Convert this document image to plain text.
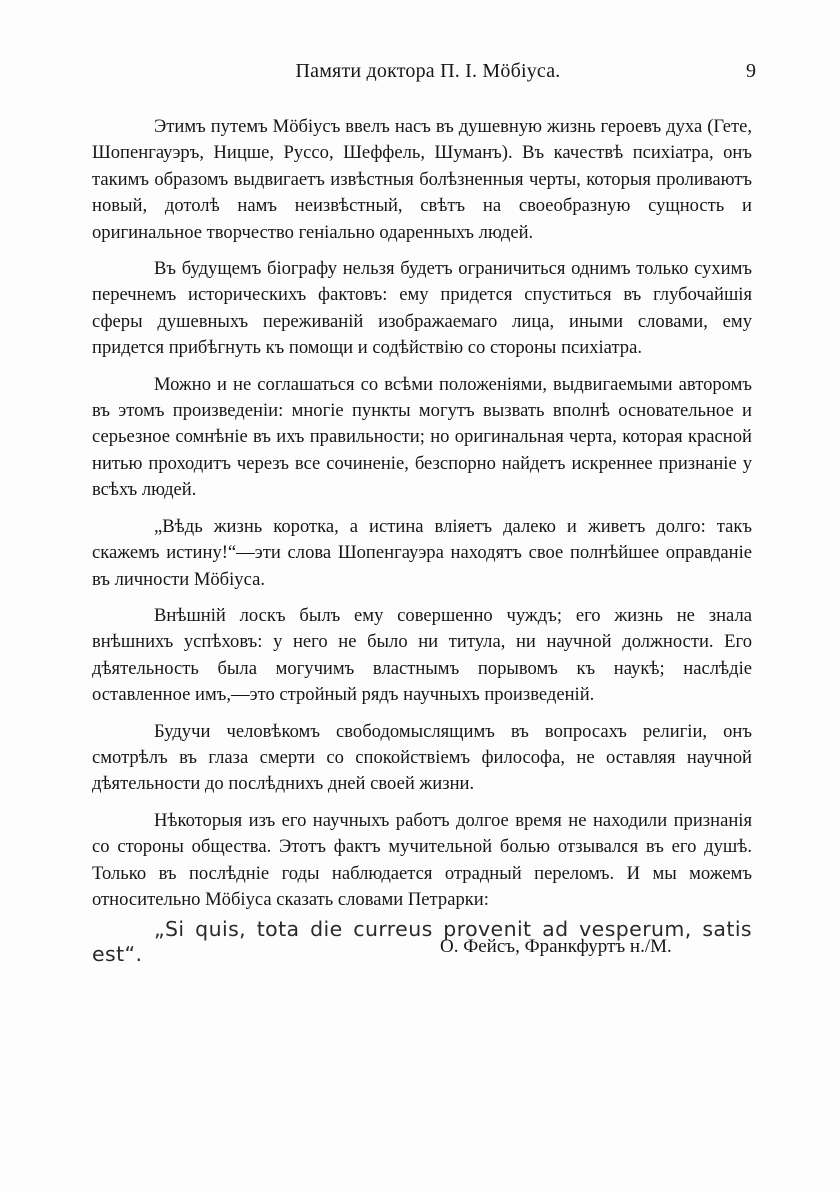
Памяти доктора П. I. Мӧбіуса.	9

Этимъ путемъ Мӧбіусъ ввелъ насъ въ душевную жизнь героевъ духа (Гете, Шопенгауэръ, Ницше, Руссо, Шеффель, Шуманъ). Въ качествѣ психіатра, онъ такимъ образомъ выдвигаетъ извѣстныя болѣзненныя черты, которыя проливаютъ новый, дотолѣ намъ неизвѣстный, свѣтъ на своеобразную сущность и оригинальное творчество геніально одаренныхъ людей.

Въ будущемъ біографу нельзя будетъ ограничиться однимъ только сухимъ перечнемъ историческихъ фактовъ: ему придется спуститься въ глубочайшія сферы душевныхъ переживаній изображаемаго лица, иными словами, ему придется прибѣгнуть къ помощи и содѣйствію со стороны психіатра.

Можно и не соглашаться со всѣми положеніями, выдвигаемыми авторомъ въ этомъ произведеніи: многіе пункты могутъ вызвать вполнѣ основательное и серьезное сомнѣніе въ ихъ правильности; но оригинальная черта, которая красной нитью проходитъ черезъ все сочиненіе, безспорно найдетъ искреннее признаніе у всѣхъ людей.

„Вѣдь жизнь коротка, а истина вліяетъ далеко и живетъ долго: такъ скажемъ истину!“—эти слова Шопенгауэра находятъ свое полнѣйшее оправданіе въ личности Мӧбіуса.

Внѣшній лоскъ былъ ему совершенно чуждъ; его жизнь не знала внѣшнихъ успѣховъ: у него не было ни титула, ни научной должности. Его дѣятельность была могучимъ властнымъ порывомъ къ наукѣ; наслѣдіе оставленное имъ,—это стройный рядъ научныхъ произведеній.

Будучи человѣкомъ свободомыслящимъ въ вопросахъ религіи, онъ смотрѣлъ въ глаза смерти со спокойствіемъ философа, не оставляя научной дѣятельности до послѣднихъ дней своей жизни.

Нѣкоторыя изъ его научныхъ работъ долгое время не находили признанія со стороны общества. Этотъ фактъ мучительной болью отзывался въ его душѣ. Только въ послѣдніе годы наблюдается отрадный переломъ. И мы можемъ относительно Мӧбіуса сказать словами Петрарки:

„Si quis, tota die curreus provenit ad vesperum, satis est“.	О. Фейсъ, Франкфуртъ н./М.
